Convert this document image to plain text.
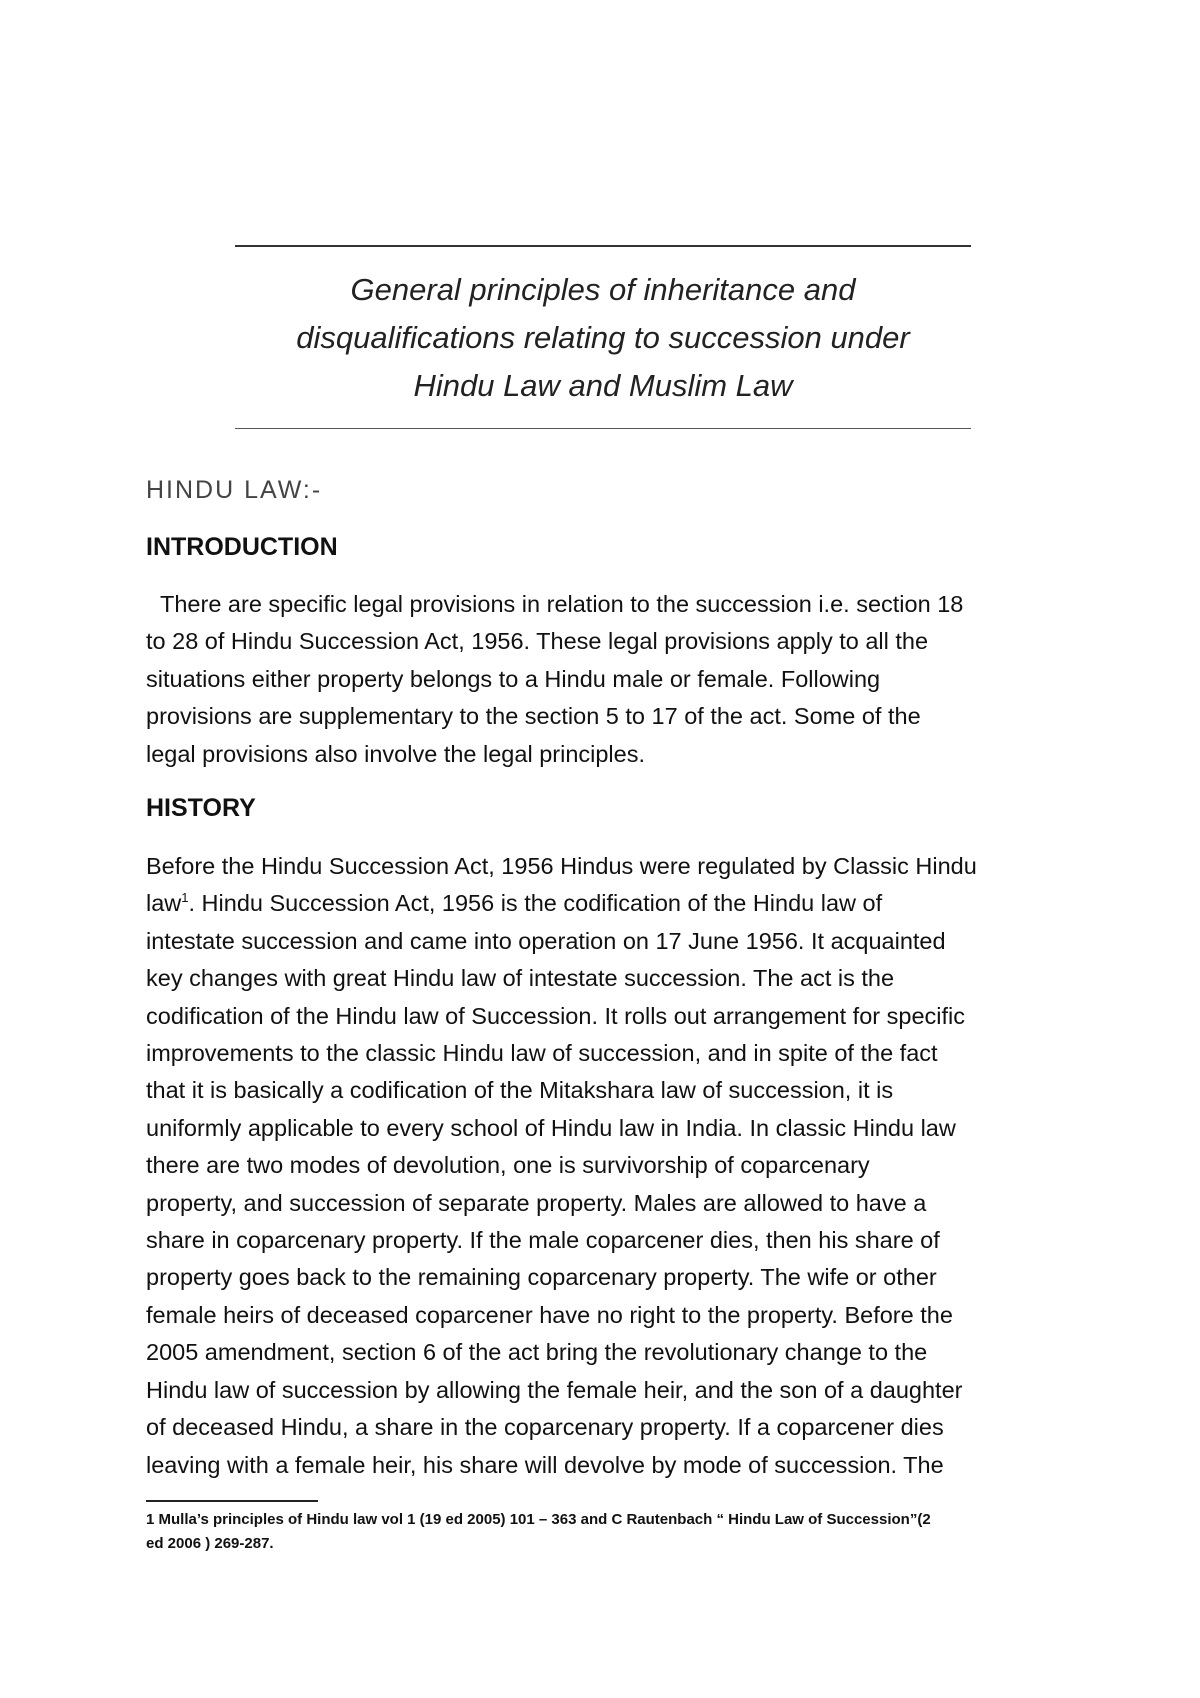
General principles of inheritance and
disqualifications relating to succession under
Hindu Law and Muslim Law
HINDU LAW:-
INTRODUCTION
There are specific legal provisions in relation to the succession i.e. section 18
to 28 of Hindu Succession Act, 1956. These legal provisions apply to all the
situations either property belongs to a Hindu male or female. Following
provisions are supplementary to the section 5 to 17 of the act. Some of the
legal provisions also involve the legal principles.
HISTORY
Before the Hindu Succession Act, 1956 Hindus were regulated by Classic Hindu
law$^1$. Hindu Succession Act, 1956 is the codification of the Hindu law of
intestate succession and came into operation on 17 June 1956. It acquainted
key changes with great Hindu law of intestate succession. The act is the
codification of the Hindu law of Succession. It rolls out arrangement for specific
improvements to the classic Hindu law of succession, and in spite of the fact
that it is basically a codification of the Mitakshara law of succession, it is
uniformly applicable to every school of Hindu law in India. In classic Hindu law
there are two modes of devolution, one is survivorship of coparcenary
property, and succession of separate property. Males are allowed to have a
share in coparcenary property. If the male coparcener dies, then his share of
property goes back to the remaining coparcenary property. The wife or other
female heirs of deceased coparcener have no right to the property. Before the
2005 amendment, section 6 of the act bring the revolutionary change to the
Hindu law of succession by allowing the female heir, and the son of a daughter
of deceased Hindu, a share in the coparcenary property. If a coparcener dies
leaving with a female heir, his share will devolve by mode of succession. The
1 Mulla’s principles of Hindu law vol 1 (19 ed 2005) 101 – 363 and C Rautenbach “ Hindu Law of Succession”(2
ed 2006 ) 269-287.
